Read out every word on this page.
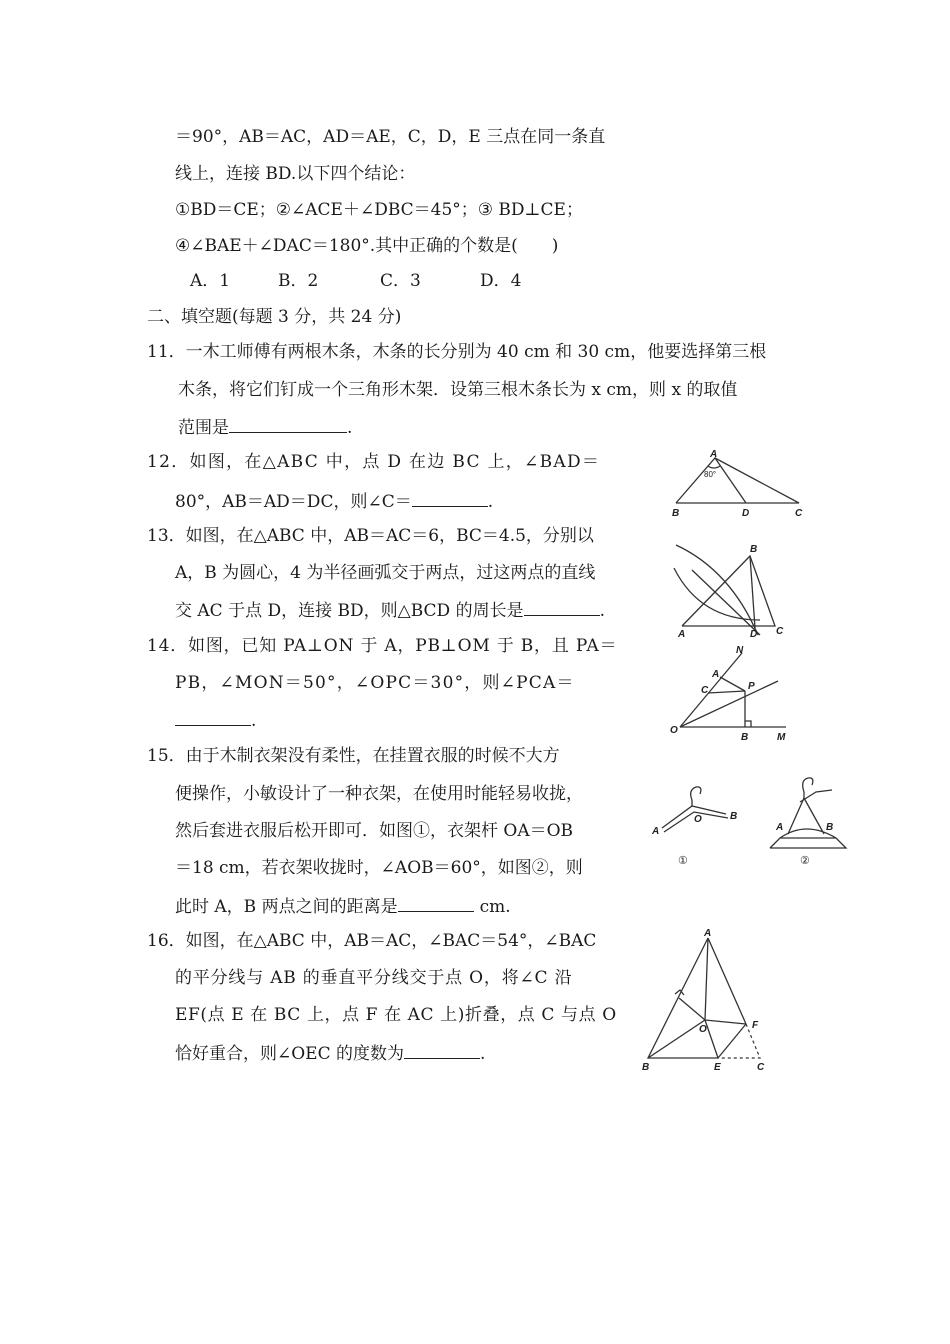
＝90°，AB＝AC，AD＝AE，C，D，E 三点在同一条直
线上，连接 BD.以下四个结论：
①BD＝CE；②∠ACE＋∠DBC＝45°；③ BD⊥CE；
④∠BAE＋∠DAC＝180°.其中正确的个数是(　　)
A．1	B．2	C．3	D．4
二、填空题(每题 3 分，共 24 分)
11．一木工师傅有两根木条，木条的长分别为 40 cm 和 30 cm，他要选择第三根
木条，将它们钉成一个三角形木架．设第三根木条长为 x cm，则 x 的取值
范围是	.
12．如图，在△ABC 中，点 D 在边 BC 上，∠BAD＝
80°，AB＝AD＝DC，则∠C＝	.
13．如图，在△ABC 中，AB＝AC＝6，BC＝4.5，分别以
A，B 为圆心，4 为半径画弧交于两点，过这两点的直线
交 AC 于点 D，连接 BD，则△BCD 的周长是	.
14．如图，已知 PA⊥ON 于 A，PB⊥OM 于 B，且 PA＝
PB，∠MON＝50°，∠OPC＝30°，则∠PCA＝
.
15．由于木制衣架没有柔性，在挂置衣服的时候不大方
便操作，小敏设计了一种衣架，在使用时能轻易收拢，
然后套进衣服后松开即可．如图①，衣架杆 OA＝OB
＝18 cm，若衣架收拢时，∠AOB＝60°，如图②，则
此时 A，B 两点之间的距离是	cm.
16．如图，在△ABC 中，AB＝AC，∠BAC＝54°，∠BAC
的平分线与 AB 的垂直平分线交于点 O，将∠C 沿
EF(点 E 在 BC 上，点 F 在 AC 上)折叠，点 C 与点 O
恰好重合，则∠OEC 的度数为	.
A
80°
B	D	C
B
A	D C
N
A
C	P
O
B	M
A
O	B
①
A	B
②
A
O	F
B	E	C
